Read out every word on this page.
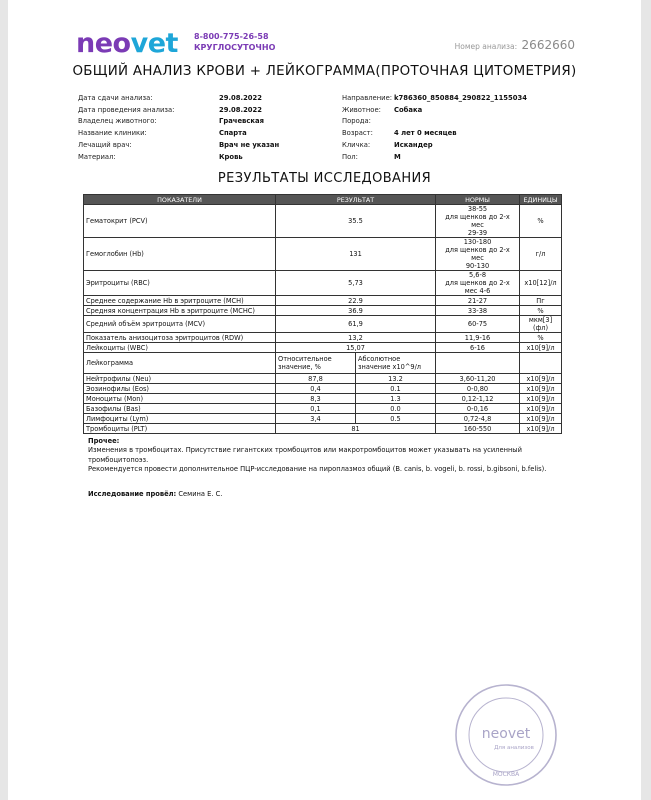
neovet 8-800-775-26-58
КРУГЛОСУТОЧНО	Номер анализа: 2662660
ОБЩИЙ АНАЛИЗ КРОВИ + ЛЕЙКОГРАММА(ПРОТОЧНАЯ ЦИТОМЕТРИЯ)
Дата сдачи анализа:	29.08.2022
Дата проведения анализа:	29.08.2022
Владелец животного:	Грачевская
Название клиники:	Спарта
Лечащий врач:	Врач не указан
Материал:	Кровь
Направление: k786360_850884_290822_1155034
Животное: Собака
Порода:
Возраст:	4 лет 0 месяцев
Кличка:	Искандер
Пол:	М
РЕЗУЛЬТАТЫ ИССЛЕДОВАНИЯ
ПОКАЗАТЕЛИ	РЕЗУЛЬТАТ		НОРМЫ	ЕДИНИЦЫ
Гематокрит (PCV)	35.5		38-55
для щенков до 2-х мес
29-39	%
Гемоглобин (Hb)	131		130-180
для щенков до 2-х мес
90-130	г/л
Эритроциты (RBC)	5,73		5,6-8
для щенков до 2-х мес 4-6	х10[12]/л
Среднее содержание Hb в эритроците (MCH)	22.9		21-27	Пг
Средняя концентрация Hb в эритроците (MCHC)	36.9		33-38	%
Средний объём эритроцита (MCV)	61,9		60-75	мкм[3](фл)
Показатель анизоцитоза эритроцитов (RDW)	13,2		11,9-16	%
Лейкоциты (WBC)	15,07		6-16	х10[9]/л
Лейкограмма	Относительное значение, %	Абсолютное значение х10^9/л		
Нейтрофилы (Neu)	87,8	13.2	3,60-11,20	х10[9]/л
Эозинофилы (Eos)	0,4	0.1	0-0,80	х10[9]/л
Моноциты (Mon)	8,3	1.3	0,12-1,12	х10[9]/л
Базофилы (Bas)	0,1	0.0	0-0,16	х10[9]/л
Лимфоциты (Lym)	3,4	0.5	0,72-4,8	х10[9]/л
Тромбоциты (PLT)	81		160-550	х10[9]/л
Прочее:
Изменения в тромбоцитах. Присутствие гигантских тромбоцитов или макротромбоцитов может указывать на усиленный
тромбоцитопоэз.
Рекомендуется провести дополнительное ПЦР-исследование на пироплазмоз общий (B. canis, b. vogeli, b. rossi, b.gibsoni, b.felis).
Исследование провёл: Семина Е. С.
neovet
Для анализов
МОСКВА
